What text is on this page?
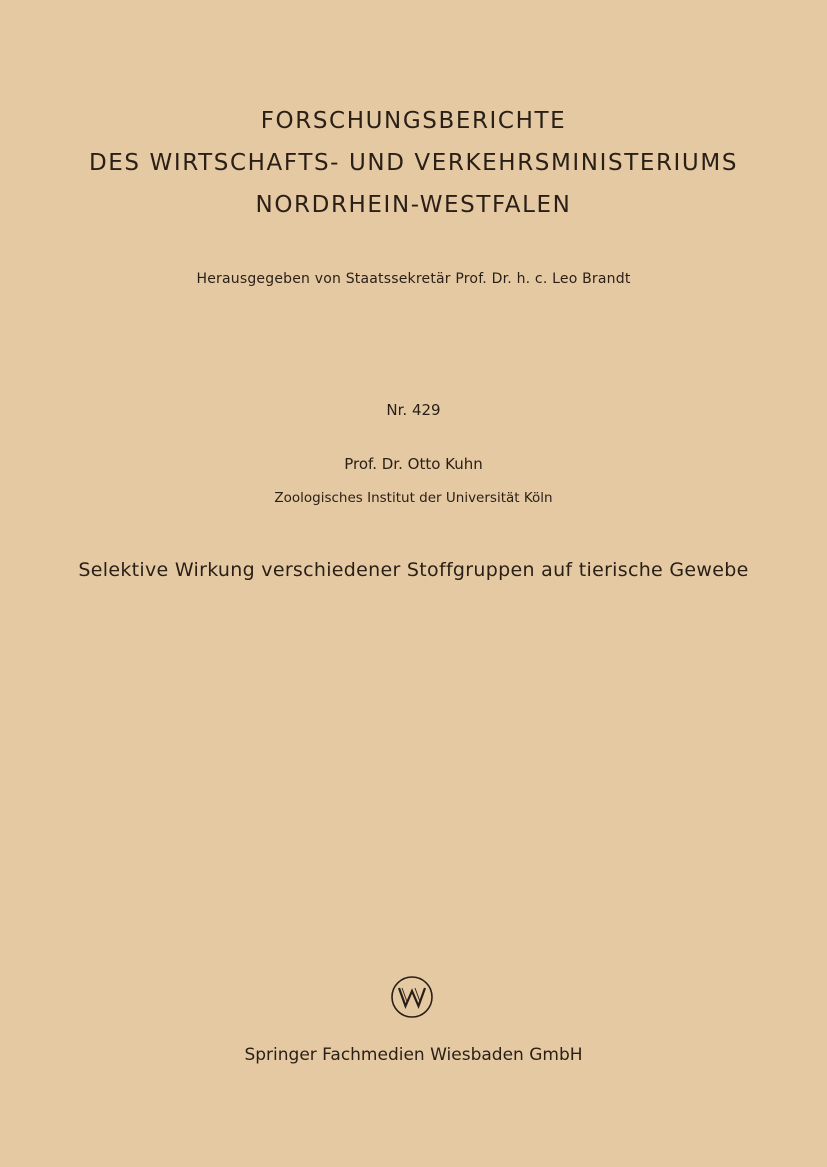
FORSCHUNGSBERICHTE
DES WIRTSCHAFTS- UND VERKEHRSMINISTERIUMS
NORDRHEIN-WESTFALEN
Herausgegeben von Staatssekretär Prof. Dr. h. c. Leo Brandt
Nr. 429
Prof. Dr. Otto Kuhn
Zoologisches Institut der Universität Köln
Selektive Wirkung verschiedener Stoffgruppen auf tierische Gewebe
Springer Fachmedien Wiesbaden GmbH
